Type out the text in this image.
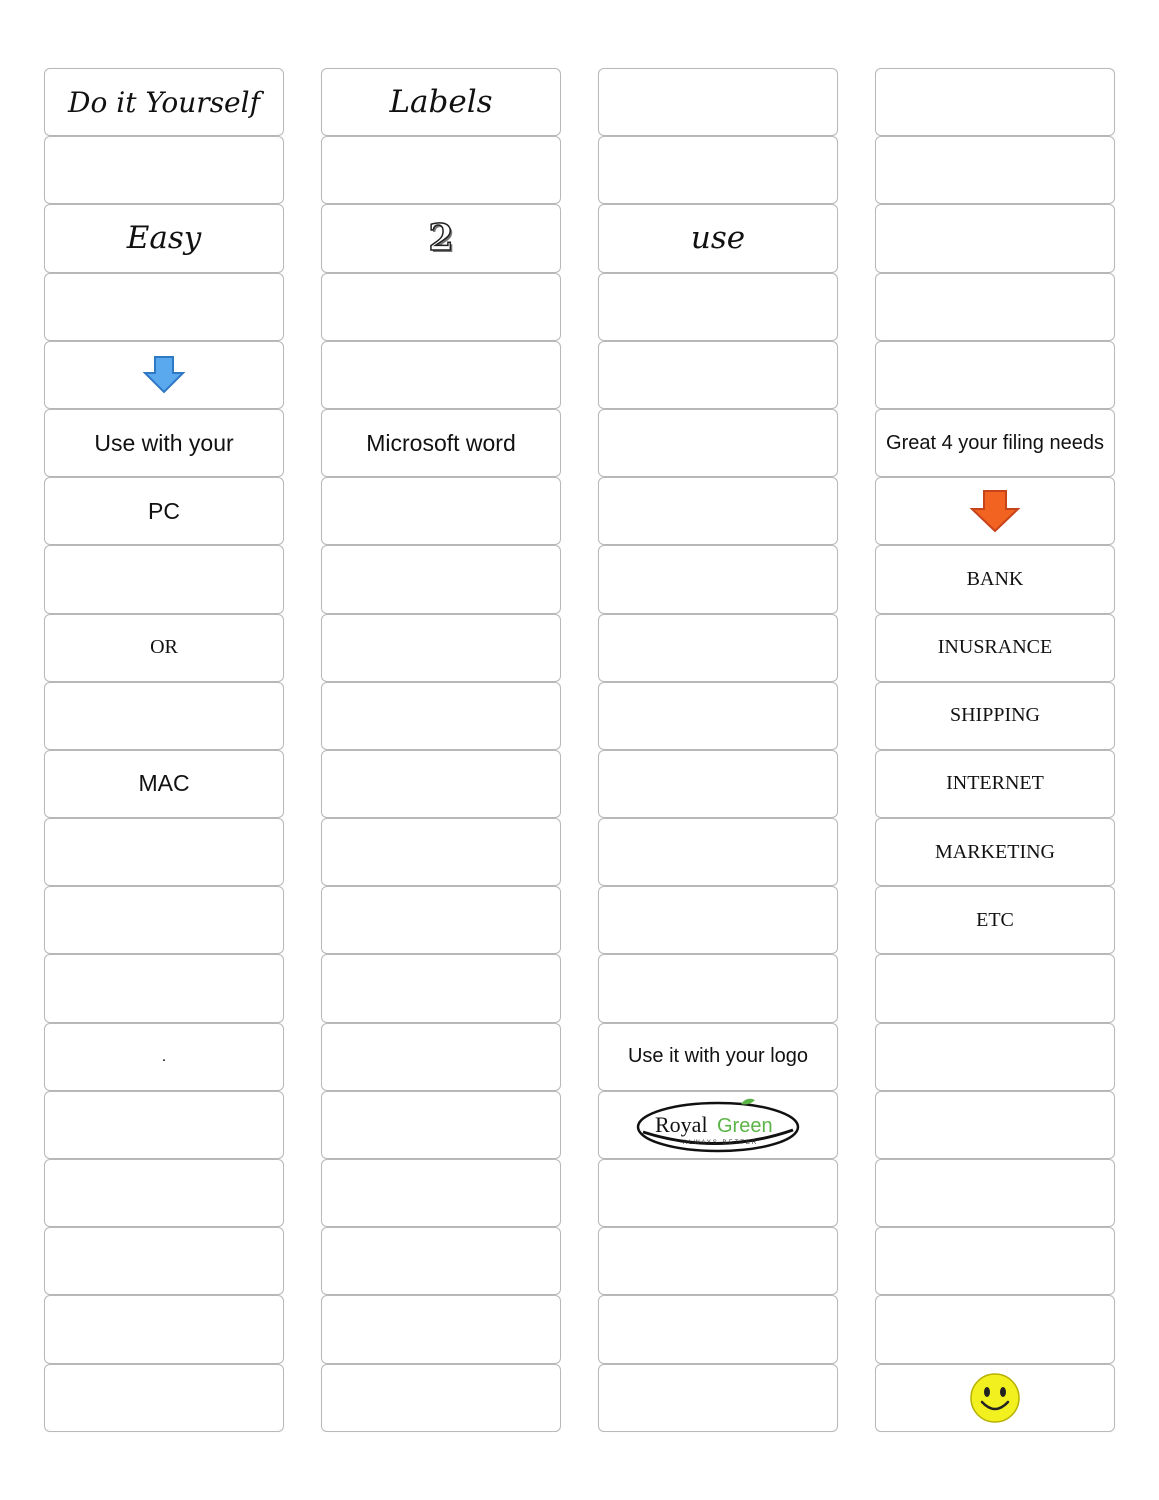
Do it Yourself
Easy
Use with your
PC
OR
MAC
.
Labels
2
Microsoft word
use
Use it with your logo
Royal Green
ALWAYS BETTER
Great 4 your filing needs
BANK
INUSRANCE
SHIPPING
INTERNET
MARKETING
ETC
